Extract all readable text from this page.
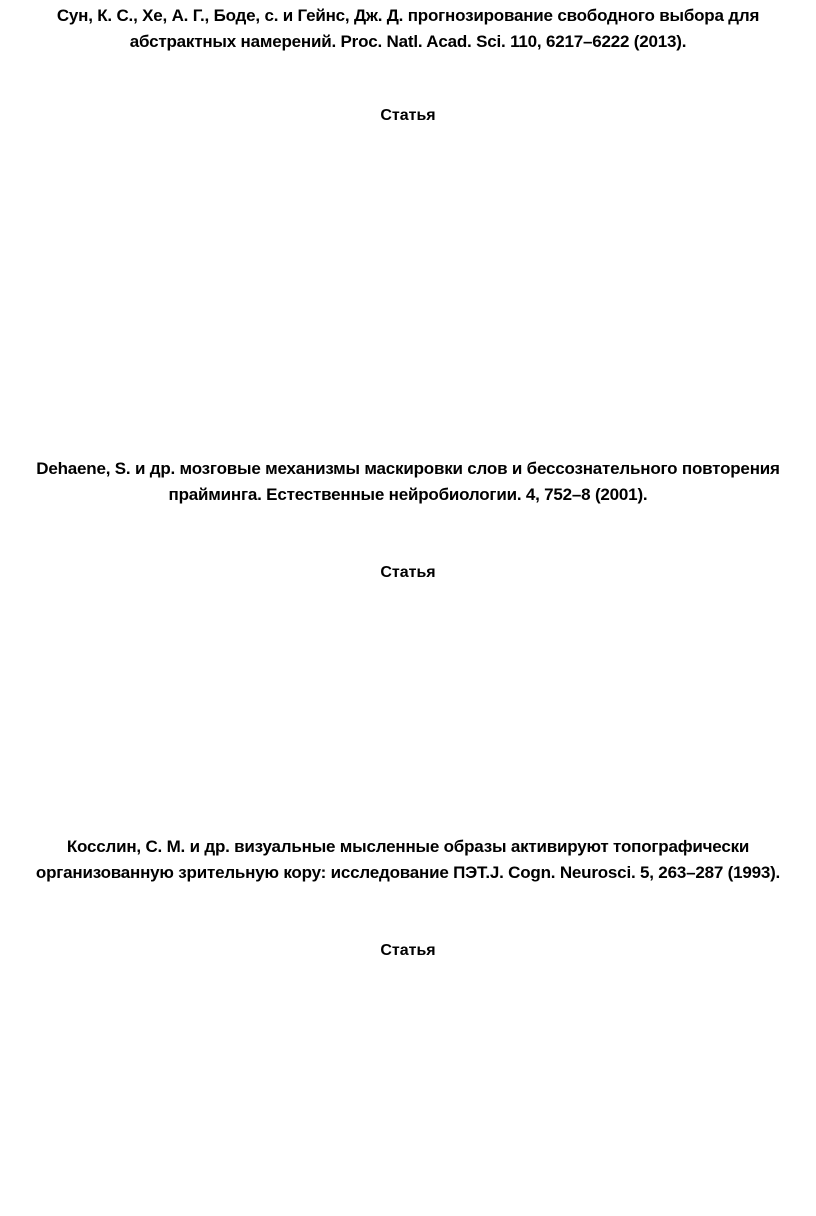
Сун, К. С., Хе, А. Г., Боде, с. и Гейнс, Дж. Д. прогнозирование свободного выбора для
абстрактных намерений. Proc. Natl. Acad. Sci. 110, 6217–6222 (2013).
Статья
Dehaene, S. и др. мозговые механизмы маскировки слов и бессознательного повторения
прайминга. Естественные нейробиологии. 4, 752–8 (2001).
Статья
Косслин, С. М. и др. визуальные мысленные образы активируют топографически
организованную зрительную кору: исследование ПЭТ.J. Cogn. Neurosci. 5, 263–287 (1993).
Статья
